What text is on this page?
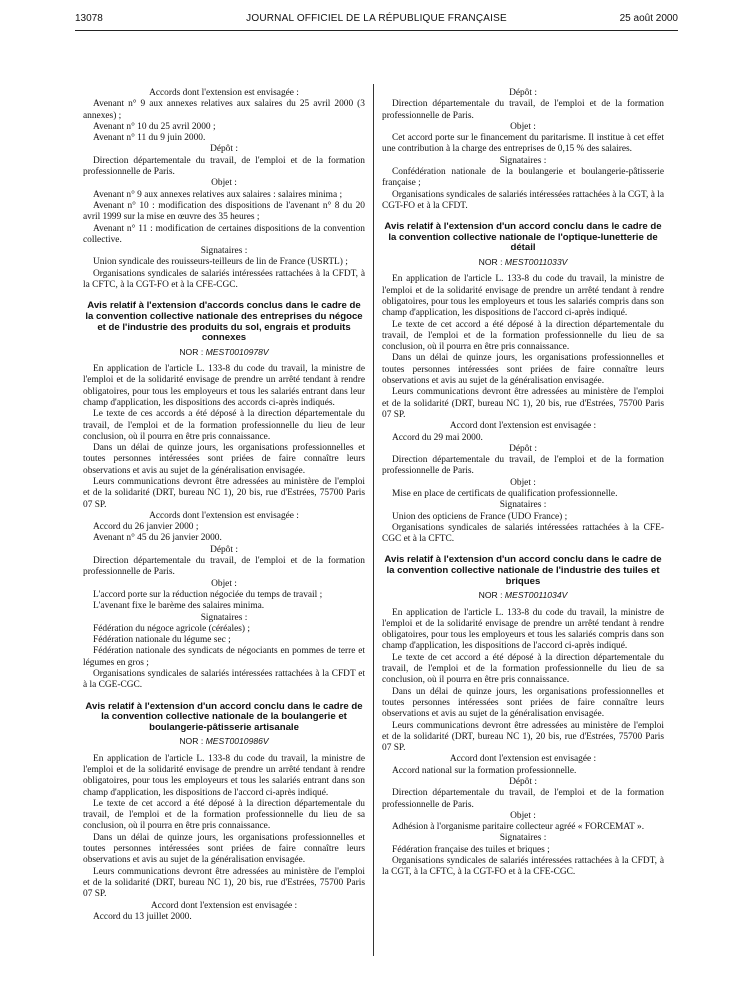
13078	JOURNAL OFFICIEL DE LA RÉPUBLIQUE FRANÇAISE	25 août 2000

Accords dont l'extension est envisagée :

Avenant n° 9 aux annexes relatives aux salaires du 25 avril 2000 (3 annexes) ;

Avenant n° 10 du 25 avril 2000 ;

Avenant n° 11 du 9 juin 2000.

Dépôt :

Direction départementale du travail, de l'emploi et de la formation professionnelle de Paris.

Objet :

Avenant n° 9 aux annexes relatives aux salaires : salaires minima ;

Avenant n° 10 : modification des dispositions de l'avenant n° 8 du 20 avril 1999 sur la mise en œuvre des 35 heures ;

Avenant n° 11 : modification de certaines dispositions de la convention collective.

Signataires :

Union syndicale des rouisseurs-teilleurs de lin de France (USRTL) ;

Organisations syndicales de salariés intéressées rattachées à la CFDT, à la CFTC, à la CGT-FO et à la CFE-CGC.

Avis relatif à l'extension d'accords conclus dans le cadre de la convention collective nationale des entreprises du négoce et de l'industrie des produits du sol, engrais et produits connexes
NOR : MEST0010978V

En application de l'article L. 133-8 du code du travail, la ministre de l'emploi et de la solidarité envisage de prendre un arrêté tendant à rendre obligatoires, pour tous les employeurs et tous les salariés entrant dans leur champ d'application, les dispositions des accords ci-après indiqués.

Le texte de ces accords a été déposé à la direction départementale du travail, de l'emploi et de la formation professionnelle du lieu de leur conclusion, où il pourra en être pris connaissance.

Dans un délai de quinze jours, les organisations professionnelles et toutes personnes intéressées sont priées de faire connaître leurs observations et avis au sujet de la généralisation envisagée.

Leurs communications devront être adressées au ministère de l'emploi et de la solidarité (DRT, bureau NC 1), 20 bis, rue d'Estrées, 75700 Paris 07 SP.

Accords dont l'extension est envisagée :

Accord du 26 janvier 2000 ;

Avenant n° 45 du 26 janvier 2000.

Dépôt :

Direction départementale du travail, de l'emploi et de la formation professionnelle de Paris.

Objet :

L'accord porte sur la réduction négociée du temps de travail ;

L'avenant fixe le barème des salaires minima.

Signataires :

Fédération du négoce agricole (céréales) ;

Fédération nationale du légume sec ;

Fédération nationale des syndicats de négociants en pommes de terre et légumes en gros ;

Organisations syndicales de salariés intéressées rattachées à la CFDT et à la CGE-CGC.

Avis relatif à l'extension d'un accord conclu dans le cadre de la convention collective nationale de la boulangerie et boulangerie-pâtisserie artisanale
NOR : MEST0010986V

En application de l'article L. 133-8 du code du travail, la ministre de l'emploi et de la solidarité envisage de prendre un arrêté tendant à rendre obligatoires, pour tous les employeurs et tous les salariés entrant dans son champ d'application, les dispositions de l'accord ci-après indiqué.

Le texte de cet accord a été déposé à la direction départementale du travail, de l'emploi et de la formation professionnelle du lieu de sa conclusion, où il pourra en être pris connaissance.

Dans un délai de quinze jours, les organisations professionnelles et toutes personnes intéressées sont priées de faire connaître leurs observations et avis au sujet de la généralisation envisagée.

Leurs communications devront être adressées au ministère de l'emploi et de la solidarité (DRT, bureau NC 1), 20 bis, rue d'Estrées, 75700 Paris 07 SP.

Accord dont l'extension est envisagée :

Accord du 13 juillet 2000.

Dépôt :

Direction départementale du travail, de l'emploi et de la formation professionnelle de Paris.

Objet :

Cet accord porte sur le financement du paritarisme. Il institue à cet effet une contribution à la charge des entreprises de 0,15 % des salaires.

Signataires :

Confédération nationale de la boulangerie et boulangerie-pâtisserie française ;

Organisations syndicales de salariés intéressées rattachées à la CGT, à la CGT-FO et à la CFDT.

Avis relatif à l'extension d'un accord conclu dans le cadre de la convention collective nationale de l'optique-lunetterie de détail
NOR : MEST0011033V

En application de l'article L. 133-8 du code du travail, la ministre de l'emploi et de la solidarité envisage de prendre un arrêté tendant à rendre obligatoires, pour tous les employeurs et tous les salariés compris dans son champ d'application, les dispositions de l'accord ci-après indiqué.

Le texte de cet accord a été déposé à la direction départementale du travail, de l'emploi et de la formation professionnelle du lieu de sa conclusion, où il pourra en être pris connaissance.

Dans un délai de quinze jours, les organisations professionnelles et toutes personnes intéressées sont priées de faire connaître leurs observations et avis au sujet de la généralisation envisagée.

Leurs communications devront être adressées au ministère de l'emploi et de la solidarité (DRT, bureau NC 1), 20 bis, rue d'Estrées, 75700 Paris 07 SP.

Accord dont l'extension est envisagée :

Accord du 29 mai 2000.

Dépôt :

Direction départementale du travail, de l'emploi et de la formation professionnelle de Paris.

Objet :

Mise en place de certificats de qualification professionnelle.

Signataires :

Union des opticiens de France (UDO France) ;

Organisations syndicales de salariés intéressées rattachées à la CFE-CGC et à la CFTC.

Avis relatif à l'extension d'un accord conclu dans le cadre de la convention collective nationale de l'industrie des tuiles et briques
NOR : MEST0011034V

En application de l'article L. 133-8 du code du travail, la ministre de l'emploi et de la solidarité envisage de prendre un arrêté tendant à rendre obligatoires, pour tous les employeurs et tous les salariés compris dans son champ d'application, les dispositions de l'accord ci-après indiqué.

Le texte de cet accord a été déposé à la direction départementale du travail, de l'emploi et de la formation professionnelle du lieu de sa conclusion, où il pourra en être pris connaissance.

Dans un délai de quinze jours, les organisations professionnelles et toutes personnes intéressées sont priées de faire connaître leurs observations et avis au sujet de la généralisation envisagée.

Leurs communications devront être adressées au ministère de l'emploi et de la solidarité (DRT, bureau NC 1), 20 bis, rue d'Estrées, 75700 Paris 07 SP.

Accord dont l'extension est envisagée :

Accord national sur la formation professionnelle.

Dépôt :

Direction départementale du travail, de l'emploi et de la formation professionnelle de Paris.

Objet :

Adhésion à l'organisme paritaire collecteur agréé « FORCEMAT ».

Signataires :

Fédération française des tuiles et briques ;

Organisations syndicales de salariés intéressées rattachées à la CFDT, à la CGT, à la CFTC, à la CGT-FO et à la CFE-CGC.
